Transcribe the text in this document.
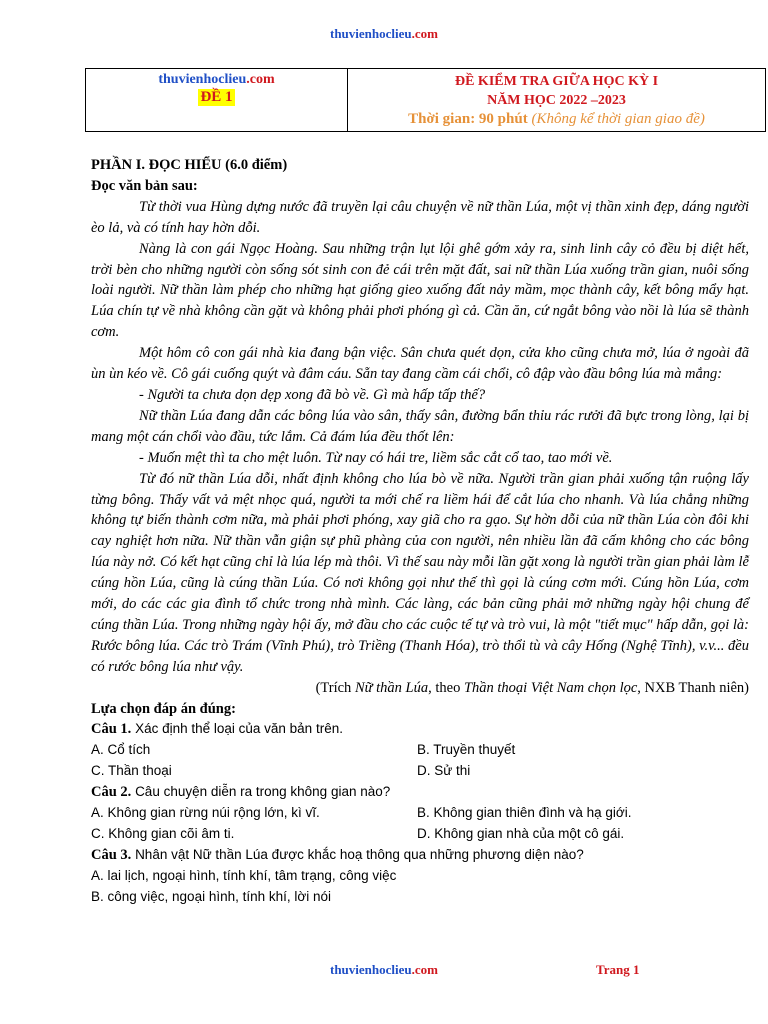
thuvienhoclieu.com
thuvienhoclieu.com
ĐỀ 1
ĐỀ KIỂM TRA GIỮA HỌC KỲ I
NĂM HỌC 2022 –2023
Thời gian: 90 phút (Không kể thời gian giao đề)

PHẦN I. ĐỌC HIỂU (6.0 điểm)

Đọc văn bản sau:

Từ thời vua Hùng dựng nước đã truyền lại câu chuyện về nữ thần Lúa, một vị thần xinh đẹp, dáng người èo lả, và có tính hay hờn dỗi.

Nàng là con gái Ngọc Hoàng. Sau những trận lụt lội ghê gớm xảy ra, sinh linh cây cỏ đều bị diệt hết, trời bèn cho những người còn sống sót sinh con đẻ cái trên mặt đất, sai nữ thần Lúa xuống trần gian, nuôi sống loài người. Nữ thần làm phép cho những hạt giống gieo xuống đất nảy mầm, mọc thành cây, kết bông mẩy hạt. Lúa chín tự về nhà không cần gặt và không phải phơi phóng gì cả. Cần ăn, cứ ngắt bông vào nồi là lúa sẽ thành cơm.

Một hôm cô con gái nhà kia đang bận việc. Sân chưa quét dọn, cửa kho cũng chưa mở, lúa ở ngoài đã ùn ùn kéo về. Cô gái cuống quýt và đâm cáu. Sẵn tay đang cầm cái chổi, cô đập vào đầu bông lúa mà mắng:

- Người ta chưa dọn dẹp xong đã bò về. Gì mà hấp tấp thế?

Nữ thần Lúa đang dẫn các bông lúa vào sân, thấy sân, đường bẩn thỉu rác rưởi đã bực trong lòng, lại bị mang một cán chổi vào đầu, tức lắm. Cả đám lúa đều thốt lên:

- Muốn mệt thì ta cho mệt luôn. Từ nay có hái tre, liềm sắc cắt cổ tao, tao mới về.

Từ đó nữ thần Lúa dỗi, nhất định không cho lúa bò về nữa. Người trần gian phải xuống tận ruộng lấy từng bông. Thấy vất vả mệt nhọc quá, người ta mới chế ra liềm hái để cắt lúa cho nhanh. Và lúa chẳng những không tự biến thành cơm nữa, mà phải phơi phóng, xay giã cho ra gạo. Sự hờn dỗi của nữ thần Lúa còn đôi khi cay nghiệt hơn nữa. Nữ thần vẫn giận sự phũ phàng của con người, nên nhiều lần đã cấm không cho các bông lúa này nở. Có kết hạt cũng chỉ là lúa lép mà thôi. Vì thế sau này mỗi lần gặt xong là người trần gian phải làm lễ cúng hồn Lúa, cũng là cúng thần Lúa. Có nơi không gọi như thế thì gọi là cúng cơm mới. Cúng hồn Lúa, cơm mới, do các các gia đình tổ chức trong nhà mình. Các làng, các bản cũng phải mở những ngày hội chung để cúng thần Lúa. Trong những ngày hội ấy, mở đầu cho các cuộc tế tự và trò vui, là một "tiết mục" hấp dẫn, gọi là: Rước bông lúa. Các trò Trám (Vĩnh Phú), trò Triềng (Thanh Hóa), trò thổi tù và cây Hống (Nghệ Tĩnh), v.v... đều có rước bông lúa như vậy.

(Trích Nữ thần Lúa, theo Thần thoại Việt Nam chọn lọc, NXB Thanh niên)

Lựa chọn đáp án đúng:

Câu 1. Xác định thể loại của văn bản trên.

A. Cổ tích	B. Truyền thuyết
C. Thần thoại	D. Sử thi

Câu 2. Câu chuyện diễn ra trong không gian nào?

A. Không gian rừng núi rộng lớn, kì vĩ.	B. Không gian thiên đình và hạ giới.
C. Không gian cõi âm ti.	D. Không gian nhà của một cô gái.

Câu 3. Nhân vật Nữ thần Lúa được khắc hoạ thông qua những phương diện nào?

A. lai lịch, ngoại hình, tính khí, tâm trạng, công việc

B. công việc, ngoại hình, tính khí, lời nói

thuvienhoclieu.com	Trang 1
